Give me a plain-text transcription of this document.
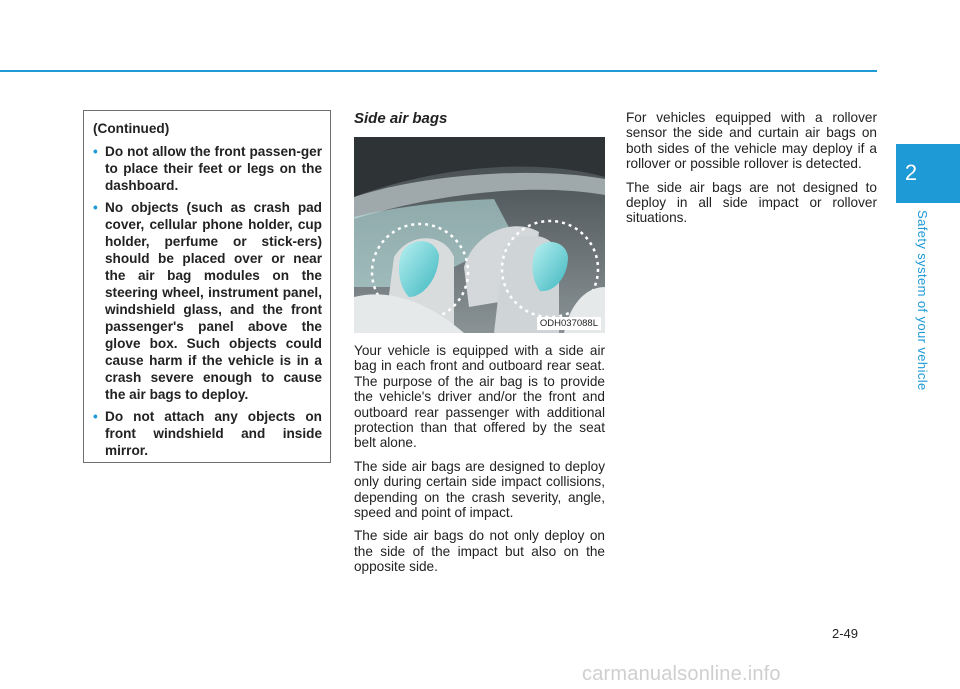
2
Safety system of your vehicle
(Continued)
• Do not allow the front passen-ger to place their feet or legs on the dashboard.
• No objects (such as crash pad cover, cellular phone holder, cup holder, perfume or stick-ers) should be placed over or near the air bag modules on the steering wheel, instrument panel, windshield glass, and the front passenger's panel above the glove box. Such objects could cause harm if the vehicle is in a crash severe enough to cause the air bags to deploy.
• Do not attach any objects on front windshield and inside mirror.
Side air bags
ODH037088L

Your vehicle is equipped with a side air bag in each front and outboard rear seat. The purpose of the air bag is to provide the vehicle's driver and/or the front and outboard rear passenger with additional protection than that offered by the seat belt alone.

The side air bags are designed to deploy only during certain side impact collisions, depending on the crash severity, angle, speed and point of impact.

The side air bags do not only deploy on the side of the impact but also on the opposite side.

For vehicles equipped with a rollover sensor the side and curtain air bags on both sides of the vehicle may deploy if a rollover or possible rollover is detected.

The side air bags are not designed to deploy in all side impact or rollover situations.

2-49
carmanualsonline.info
